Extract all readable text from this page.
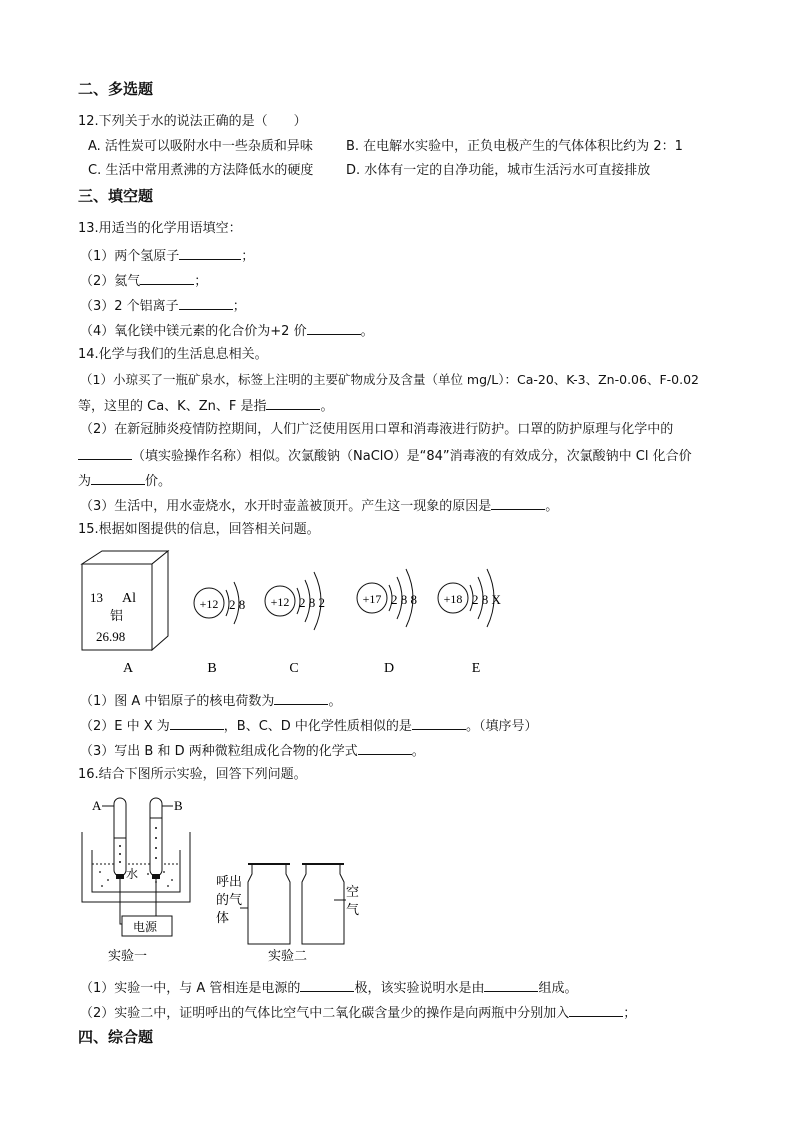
二、多选题
12.下列关于水的说法正确的是（　　）
A. 活性炭可以吸附水中一些杂质和异味	B. 在电解水实验中，正负电极产生的气体体积比约为 2：1
C. 生活中常用煮沸的方法降低水的硬度	D. 水体有一定的自净功能，城市生活污水可直接排放
三、填空题
13.用适当的化学用语填空：
（1）两个氢原子	；
（2）氦气	；
（3）2 个铝离子	；
（4）氧化镁中镁元素的化合价为+2 价	。
14.化学与我们的生活息息相关。
（1）小琼买了一瓶矿泉水，标签上注明的主要矿物成分及含量（单位 mg/L）：Ca-20、K-3、Zn-0.06、F-0.02
等，这里的 Ca、K、Zn、F 是指	。
（2）在新冠肺炎疫情防控期间，人们广泛使用医用口罩和消毒液进行防护。口罩的防护原理与化学中的
（填实验操作名称）相似。次氯酸钠（NaClO）是“84”消毒液的有效成分，次氯酸钠中 Cl 化合价
为	价。
（3）生活中，用水壶烧水，水开时壶盖被顶开。产生这一现象的原因是	。
15.根据如图提供的信息，回答相关问题。
13 Al
铝
26.98
+12 2 8 +12 2 8 2	+17 2 8 8 +18 2 8 X
A	B	C	D	E
（1）图 A 中铝原子的核电荷数为	。
（2）E 中 X 为	，B、C、D 中化学性质相似的是	。（填序号）
（3）写出 B 和 D 两种微粒组成化合物的化学式	。
16.结合下图所示实验，回答下列问题。
A	B
水
电源
实验一
呼出
的气
体
空
气
实验二
（1）实验一中，与 A 管相连是电源的	极，该实验说明水是由	组成。
（2）实验二中，证明呼出的气体比空气中二氧化碳含量少的操作是向两瓶中分别加入	；
四、综合题
